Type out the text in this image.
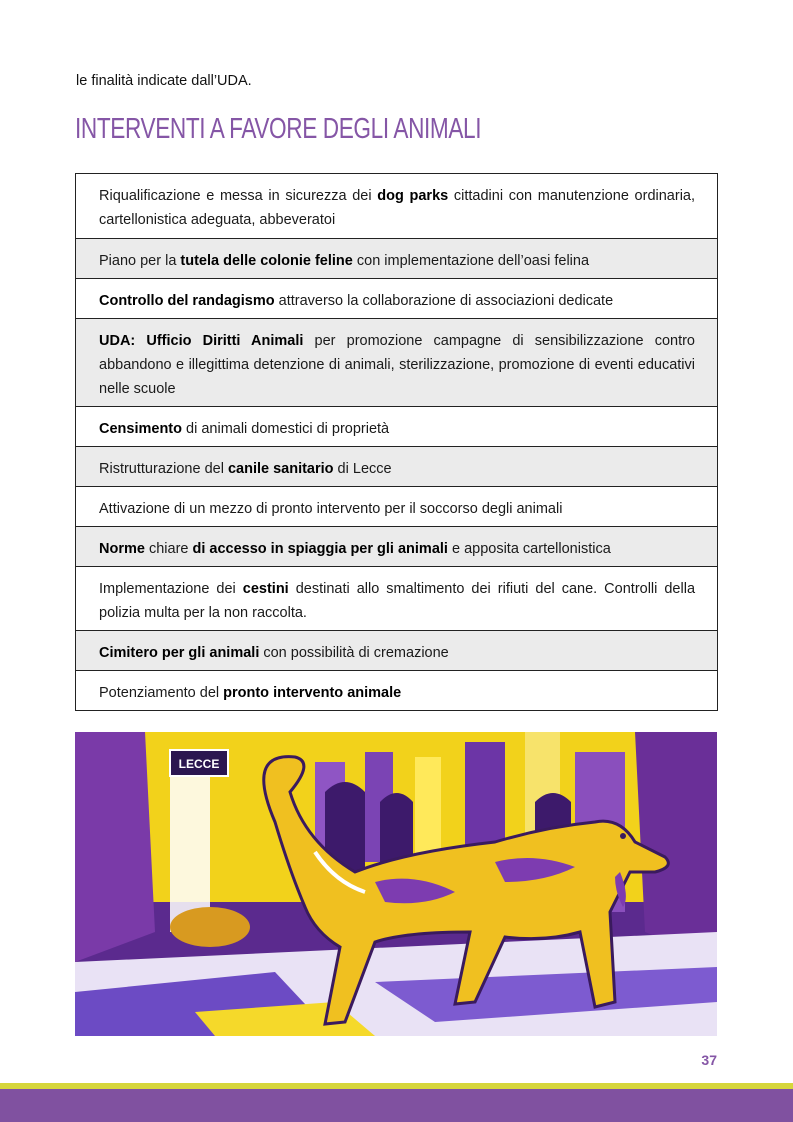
le finalità indicate dall’UDA.
INTERVENTI A FAVORE DEGLI ANIMALI
Riqualificazione e messa in sicurezza dei dog parks cittadini con manutenzione ordinaria, cartellonistica adeguata, abbeveratoi
Piano per la tutela delle colonie feline con implementazione dell’oasi felina
Controllo del randagismo attraverso la collaborazione di associazioni dedicate
UDA: Ufficio Diritti Animali per promozione campagne di sensibilizzazione contro abbandono e illegittima detenzione di animali, sterilizzazione, promozione di eventi educativi nelle scuole
Censimento di animali domestici di proprietà
Ristrutturazione del canile sanitario di Lecce
Attivazione di un mezzo di pronto intervento per il soccorso degli animali
Norme chiare di accesso in spiaggia per gli animali e apposita cartellonistica
Implementazione dei cestini destinati allo smaltimento dei rifiuti del cane. Controlli della polizia multa per la non raccolta.
Cimitero per gli animali con possibilità di cremazione
Potenziamento del pronto intervento animale
LECCE
37
